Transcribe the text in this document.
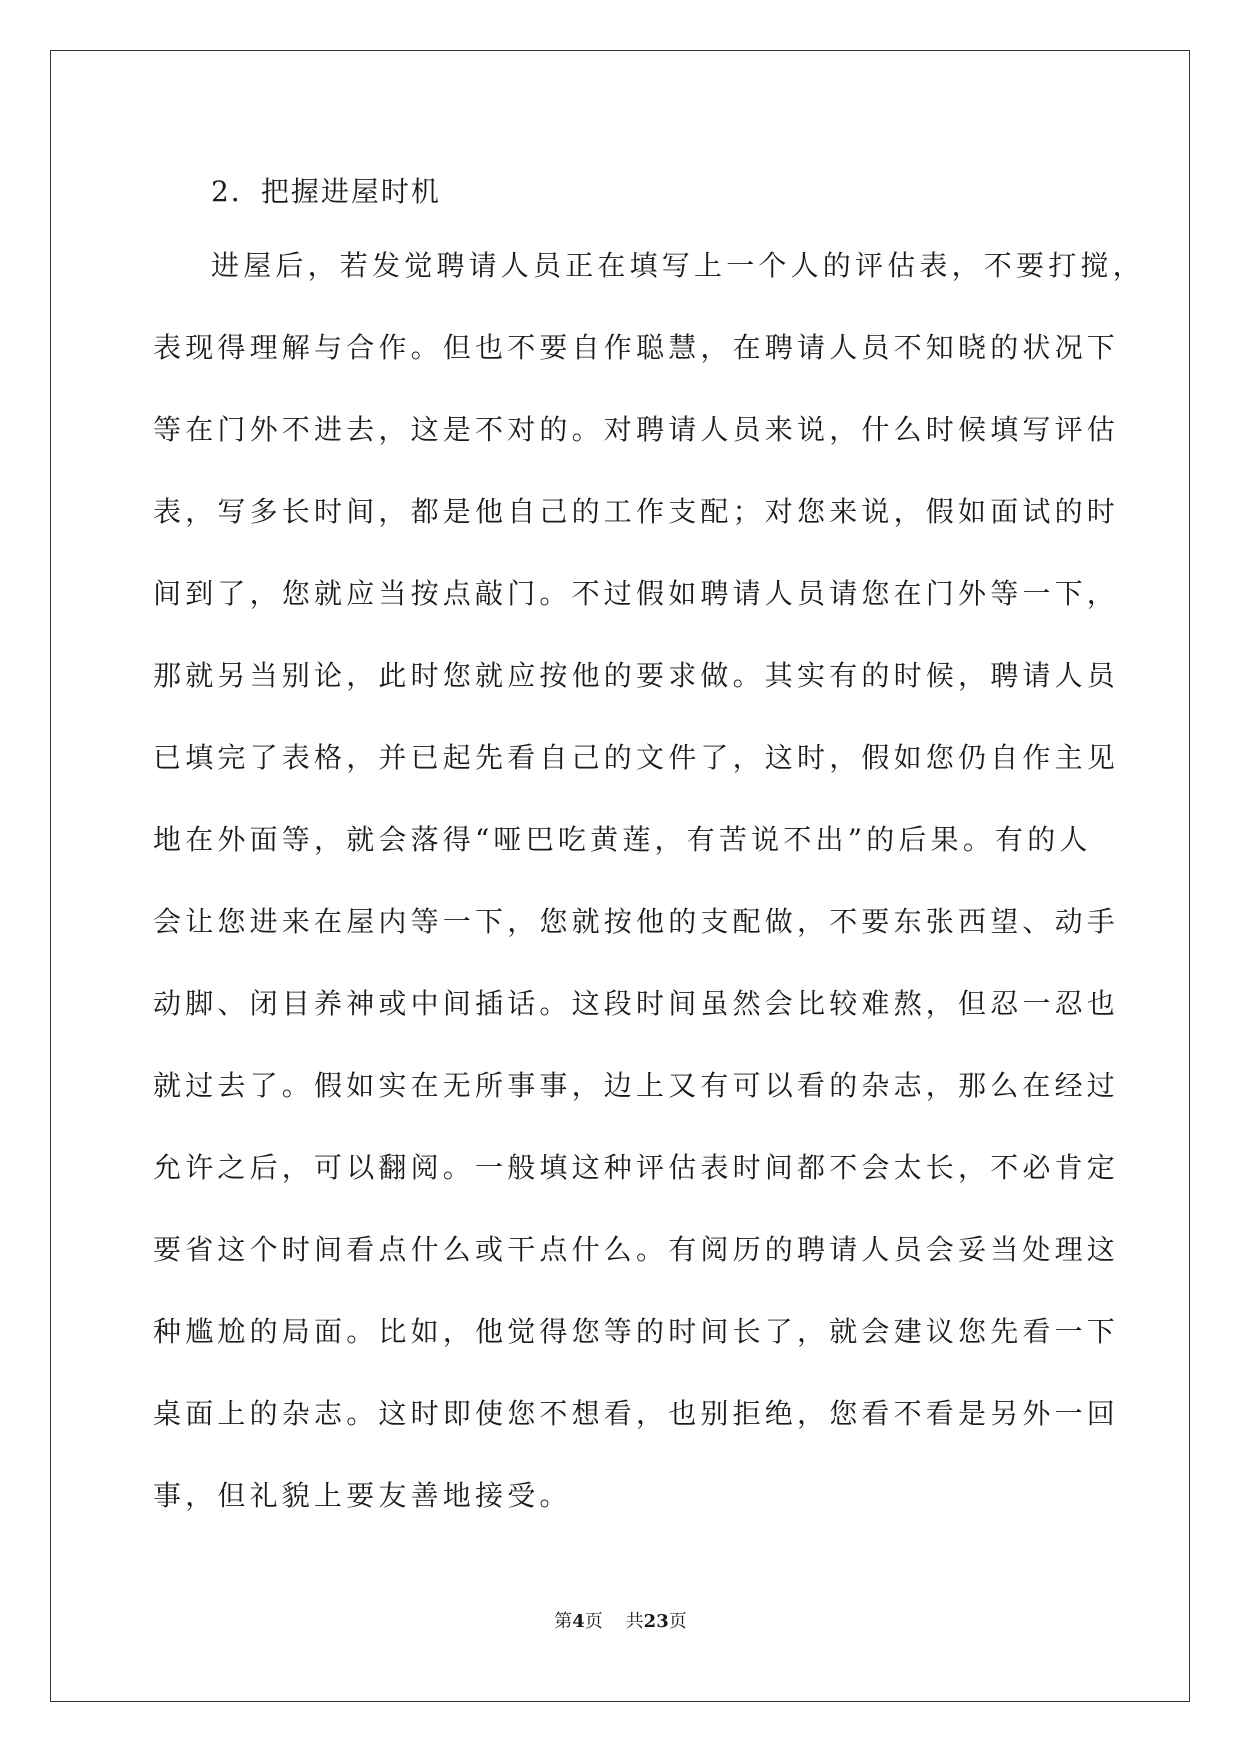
2．把握进屋时机
进屋后，若发觉聘请人员正在填写上一个人的评估表，不要打搅，
表现得理解与合作。但也不要自作聪慧，在聘请人员不知晓的状况下
等在门外不进去，这是不对的。对聘请人员来说，什么时候填写评估
表，写多长时间，都是他自己的工作支配；对您来说，假如面试的时
间到了，您就应当按点敲门。不过假如聘请人员请您在门外等一下，
那就另当别论，此时您就应按他的要求做。其实有的时候，聘请人员
已填完了表格，并已起先看自己的文件了，这时，假如您仍自作主见
地在外面等，就会落得“哑巴吃黄莲，有苦说不出”的后果。有的人
会让您进来在屋内等一下，您就按他的支配做，不要东张西望、动手
动脚、闭目养神或中间插话。这段时间虽然会比较难熬，但忍一忍也
就过去了。假如实在无所事事，边上又有可以看的杂志，那么在经过
允许之后，可以翻阅。一般填这种评估表时间都不会太长，不必肯定
要省这个时间看点什么或干点什么。有阅历的聘请人员会妥当处理这
种尴尬的局面。比如，他觉得您等的时间长了，就会建议您先看一下
桌面上的杂志。这时即使您不想看，也别拒绝，您看不看是另外一回
事，但礼貌上要友善地接受。
第4页 共23页
